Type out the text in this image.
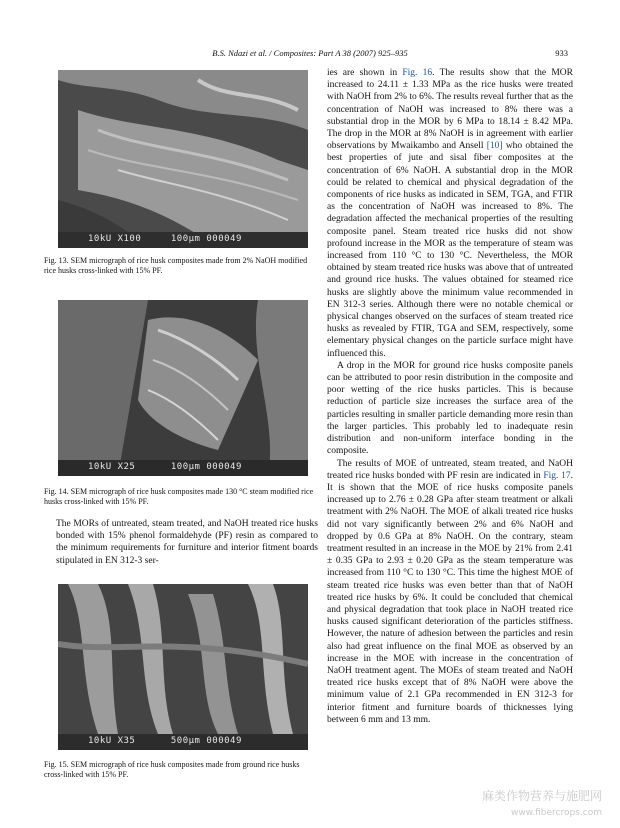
B.S. Ndazi et al. / Composites: Part A 38 (2007) 925–935	933
10kU X100     100µm 000049
Fig. 13. SEM micrograph of rice husk composites made from 2% NaOH modified rice husks cross-linked with 15% PF.
10kU X25      100µm 000049
Fig. 14. SEM micrograph of rice husk composites made 130 °C steam modified rice husks cross-linked with 15% PF.
The MORs of untreated, steam treated, and NaOH treated rice husks bonded with 15% phenol formaldehyde (PF) resin as compared to the minimum requirements for furniture and interior fitment boards stipulated in EN 312-3 ser-
10kU X35      500µm 000049
Fig. 15. SEM micrograph of rice husk composites made from ground rice husks cross-linked with 15% PF.

ies are shown in Fig. 16. The results show that the MOR increased to 24.11 ± 1.33 MPa as the rice husks were treated with NaOH from 2% to 6%. The results reveal further that as the concentration of NaOH was increased to 8% there was a substantial drop in the MOR by 6 MPa to 18.14 ± 8.42 MPa. The drop in the MOR at 8% NaOH is in agreement with earlier observations by Mwaikambo and Ansell [10] who obtained the best properties of jute and sisal fiber composites at the concentration of 6% NaOH. A substantial drop in the MOR could be related to chemical and physical degradation of the components of rice husks as indicated in SEM, TGA, and FTIR as the concentration of NaOH was increased to 8%. The degradation affected the mechanical properties of the resulting composite panel. Steam treated rice husks did not show profound increase in the MOR as the temperature of steam was increased from 110 °C to 130 °C. Nevertheless, the MOR obtained by steam treated rice husks was above that of untreated and ground rice husks. The values obtained for steamed rice husks are slightly above the minimum value recommended in EN 312-3 series. Although there were no notable chemical or physical changes observed on the surfaces of steam treated rice husks as revealed by FTIR, TGA and SEM, respectively, some elementary physical changes on the particle surface might have influenced this.

A drop in the MOR for ground rice husks composite panels can be attributed to poor resin distribution in the composite and poor wetting of the rice husks particles. This is because reduction of particle size increases the surface area of the particles resulting in smaller particle demanding more resin than the larger particles. This probably led to inadequate resin distribution and non-uniform interface bonding in the composite.

The results of MOE of untreated, steam treated, and NaOH treated rice husks bonded with PF resin are indicated in Fig. 17. It is shown that the MOE of rice husks composite panels increased up to 2.76 ± 0.28 GPa after steam treatment or alkali treatment with 2% NaOH. The MOE of alkali treated rice husks did not vary significantly between 2% and 6% NaOH and dropped by 0.6 GPa at 8% NaOH. On the contrary, steam treatment resulted in an increase in the MOE by 21% from 2.41 ± 0.35 GPa to 2.93 ± 0.20 GPa as the steam temperature was increased from 110 °C to 130 °C. This time the highest MOE of steam treated rice husks was even better than that of NaOH treated rice husks by 6%. It could be concluded that chemical and physical degradation that took place in NaOH treated rice husks caused significant deterioration of the particles stiffness. However, the nature of adhesion between the particles and resin also had great influence on the final MOE as observed by an increase in the MOE with increase in the concentration of NaOH treatment agent. The MOEs of steam treated and NaOH treated rice husks except that of 8% NaOH were above the minimum value of 2.1 GPa recommended in EN 312-3 for interior fitment and furniture boards of thicknesses lying between 6 mm and 13 mm.

麻类作物营养与施肥网
www.fibercrops.com
